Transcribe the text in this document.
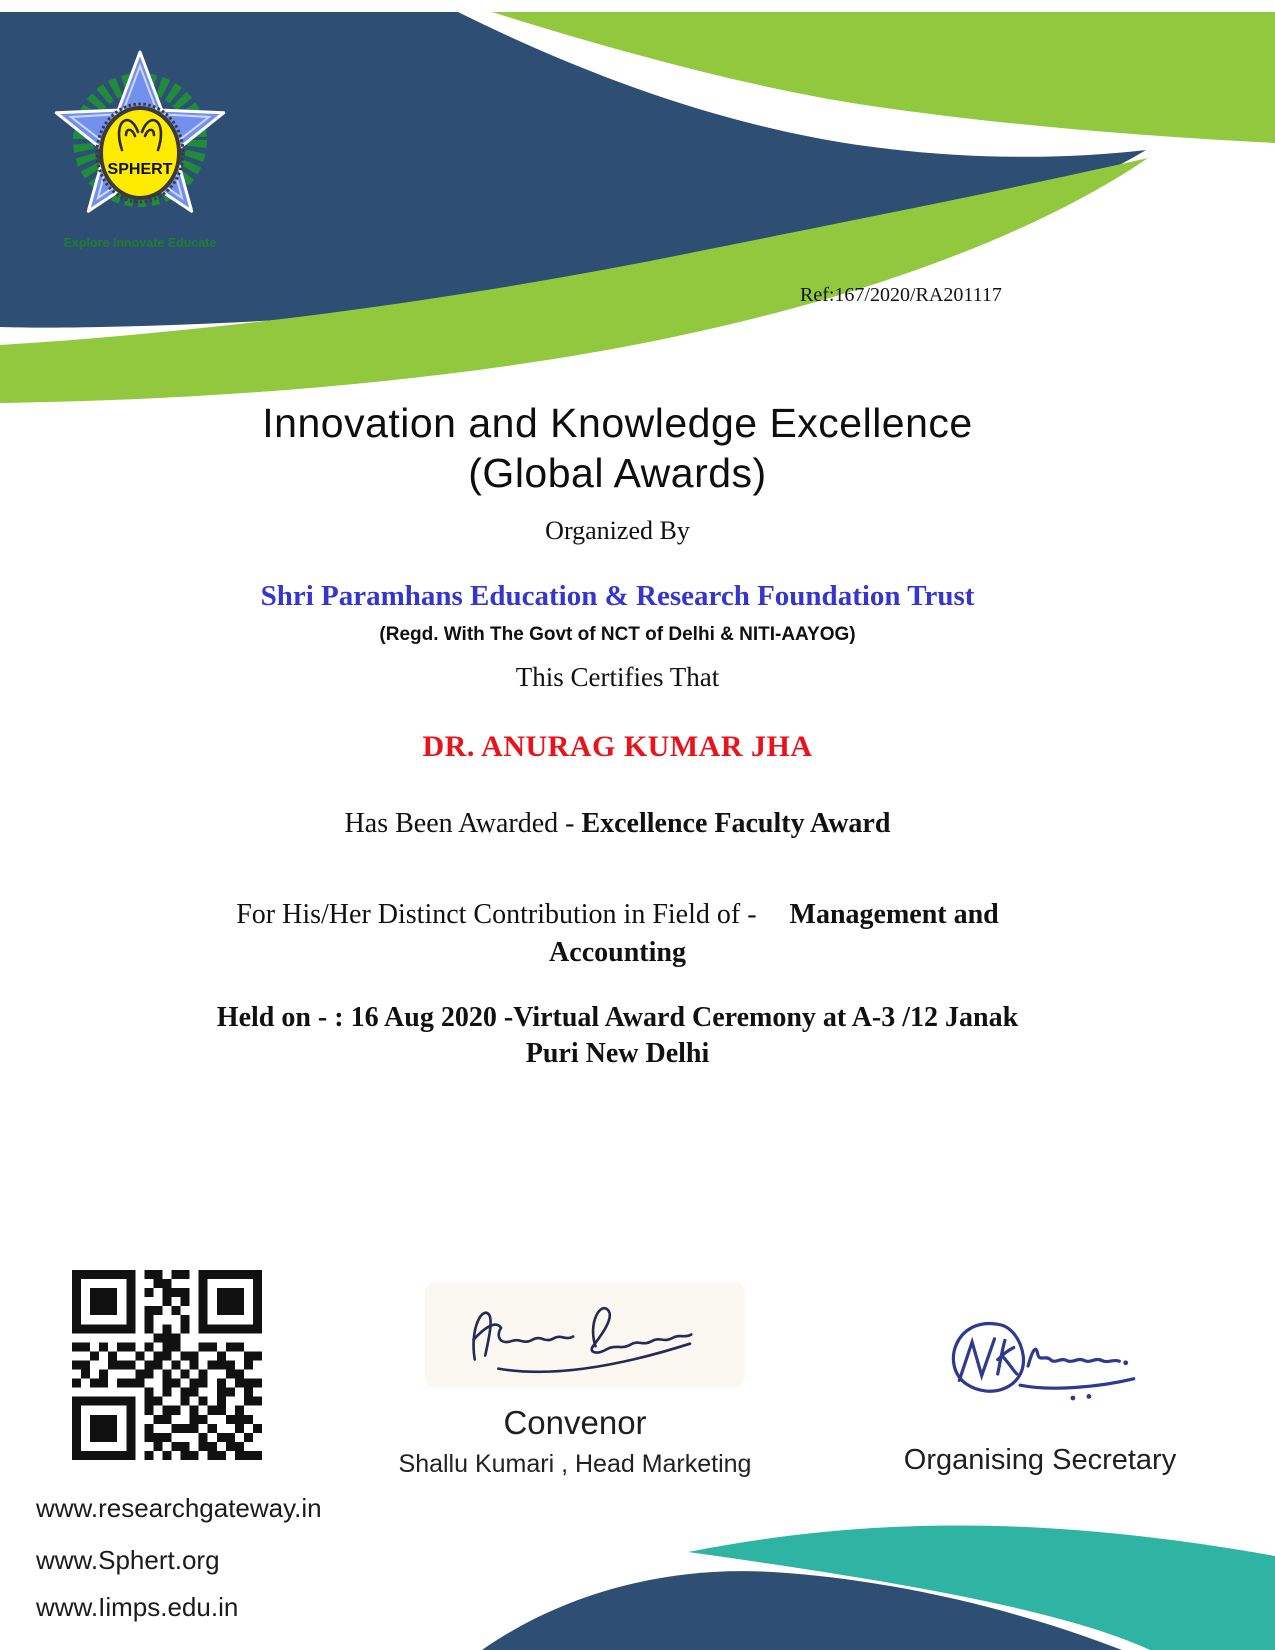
SPHERT
Explore Innovate Educate
Ref:167/2020/RA201117
Innovation and Knowledge Excellence
(Global Awards)
Organized By
Shri Paramhans Education & Research Foundation Trust
(Regd. With The Govt of NCT of Delhi & NITI-AAYOG)
This Certifies That
DR. ANURAG KUMAR JHA
Has Been Awarded - Excellence Faculty Award
For His/Her Distinct Contribution in Field of - Management and
Accounting
Held on - : 16 Aug 2020 -Virtual Award Ceremony at A-3 /12 Janak
Puri New Delhi
Convenor
Shallu Kumari , Head Marketing	Organising Secretary
www.researchgateway.in
www.Sphert.org
www.Iimps.edu.in
